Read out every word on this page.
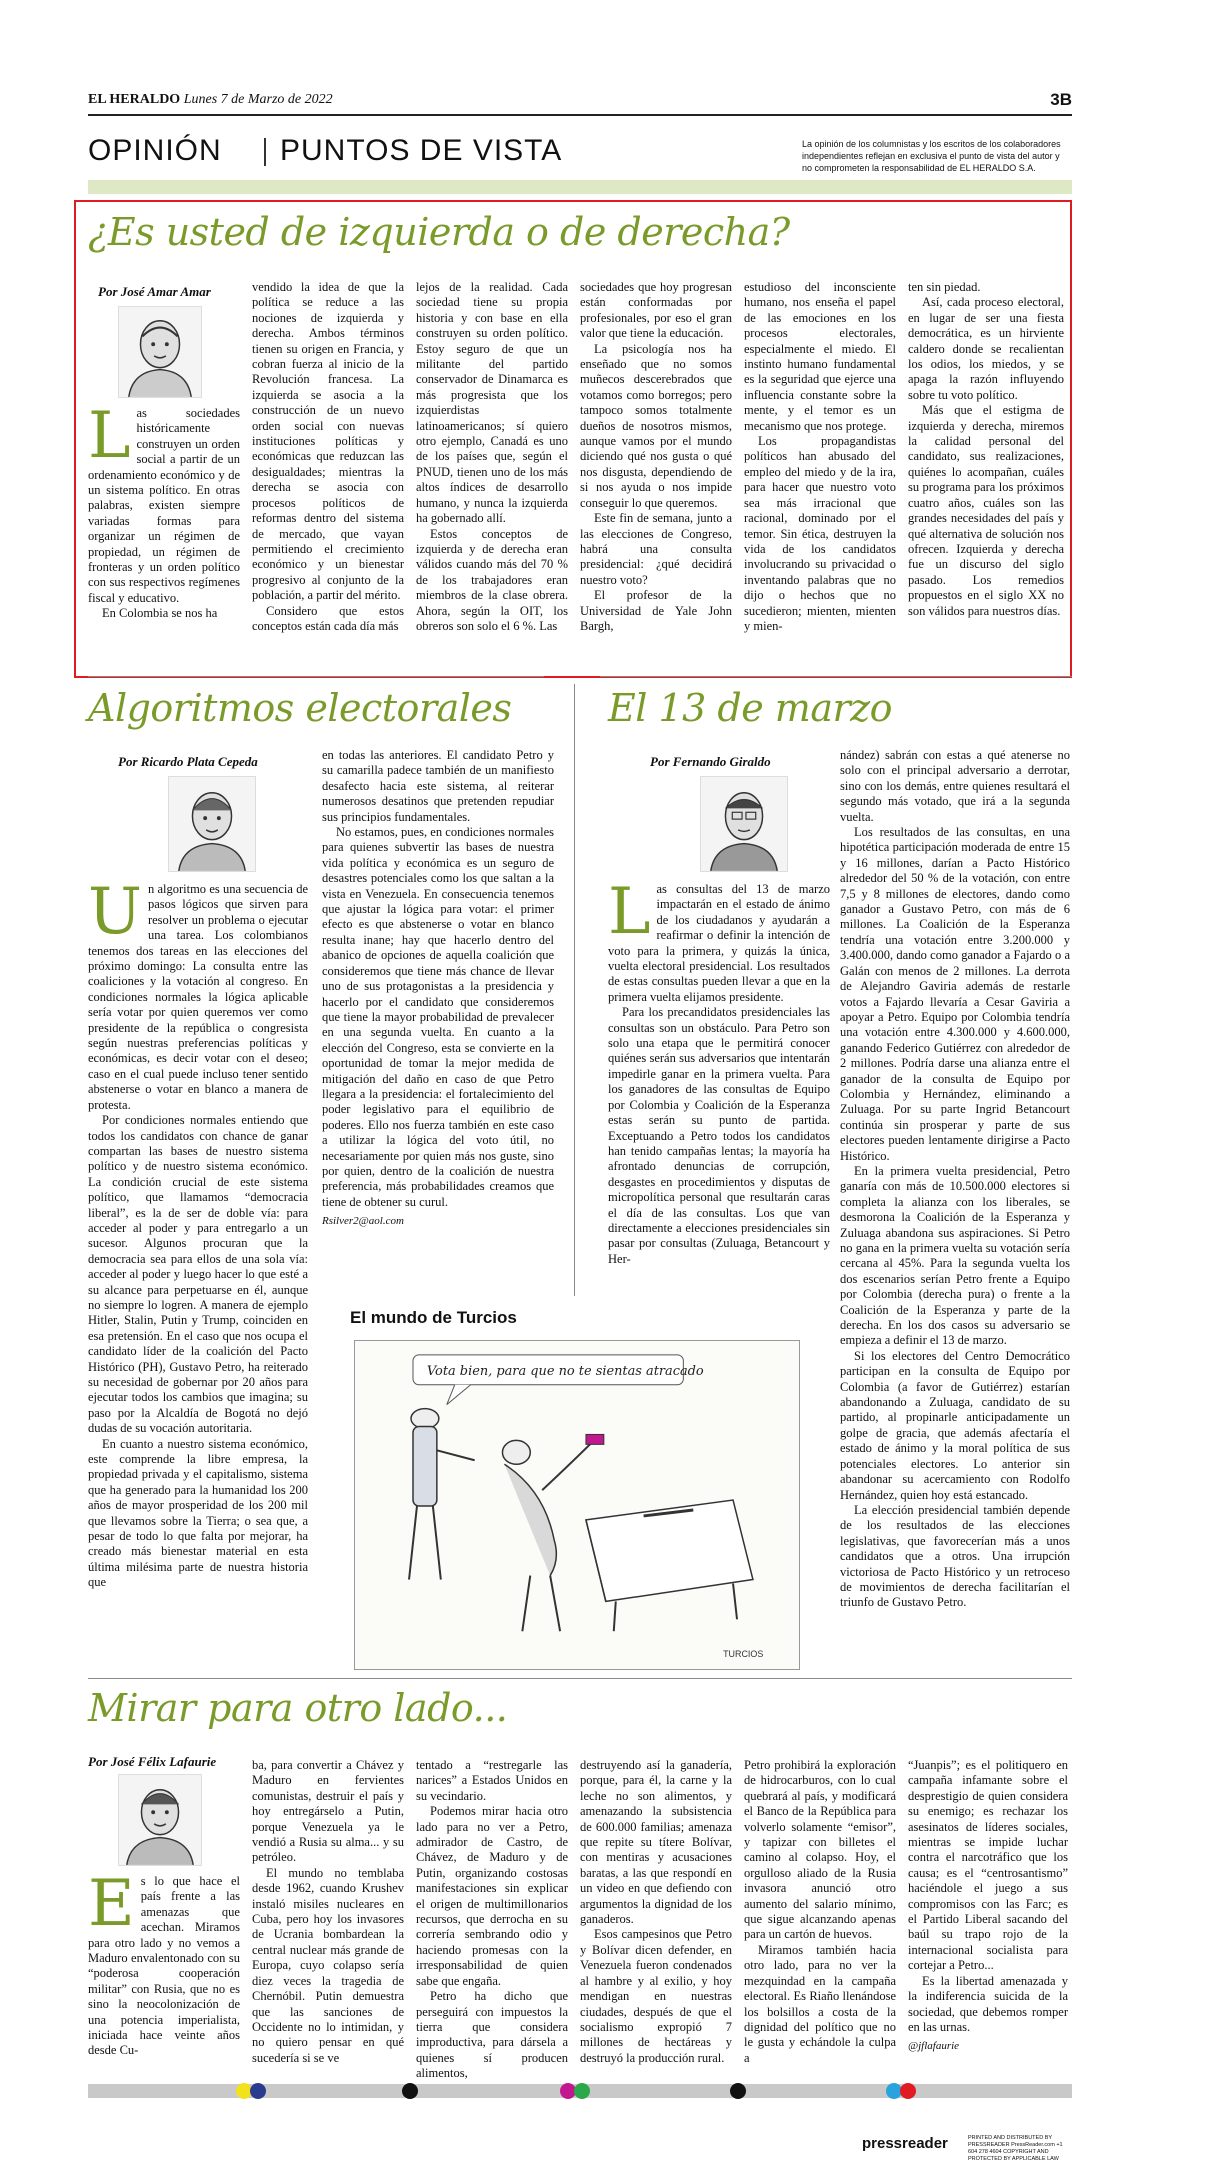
EL HERALDO Lunes 7 de Marzo de 2022	3B
OPINIÓN PUNTOS DE VISTA	La opinión de los columnistas y los escritos de los colaboradores independientes reflejan en exclusiva el punto de vista del autor y no comprometen la responsabilidad de EL HERALDO S.A.
¿Es usted de izquierda o de derecha?
Por José Amar Amar
L as sociedades históricamente construyen un orden social a partir de un ordenamiento económico y de un sistema político. En otras palabras, existen siempre variadas formas para organizar un régimen de propiedad, un régimen de fronteras y un orden político con sus respectivos regímenes fiscal y educativo.

En Colombia se nos ha

vendido la idea de que la política se reduce a las nociones de izquierda y derecha. Ambos términos tienen su origen en Francia, y cobran fuerza al inicio de la Revolución francesa. La izquierda se asocia a la construcción de un nuevo orden social con nuevas instituciones políticas y económicas que reduzcan las desigualdades; mientras la derecha se asocia con procesos políticos de reformas dentro del sistema de mercado, que vayan permitiendo el crecimiento económico y un bienestar progresivo al conjunto de la población, a partir del mérito.

Considero que estos conceptos están cada día más

lejos de la realidad. Cada sociedad tiene su propia historia y con base en ella construyen su orden político. Estoy seguro de que un militante del partido conservador de Dinamarca es más progresista que los izquierdistas latinoamericanos; sí quiero otro ejemplo, Canadá es uno de los países que, según el PNUD, tienen uno de los más altos índices de desarrollo humano, y nunca la izquierda ha gobernado allí.

Estos conceptos de izquierda y de derecha eran válidos cuando más del 70 % de los trabajadores eran miembros de la clase obrera. Ahora, según la OIT, los obreros son solo el 6 %. Las

sociedades que hoy progresan están conformadas por profesionales, por eso el gran valor que tiene la educación.

La psicología nos ha enseñado que no somos muñecos descerebrados que votamos como borregos; pero tampoco somos totalmente dueños de nosotros mismos, aunque vamos por el mundo diciendo qué nos gusta o qué nos disgusta, dependiendo de si nos ayuda o nos impide conseguir lo que queremos.

Este fin de semana, junto a las elecciones de Congreso, habrá una consulta presidencial: ¿qué decidirá nuestro voto?

El profesor de la Universidad de Yale John Bargh,

estudioso del inconsciente humano, nos enseña el papel de las emociones en los procesos electorales, especialmente el miedo. El instinto humano fundamental es la seguridad que ejerce una influencia constante sobre la mente, y el temor es un mecanismo que nos protege.

Los propagandistas políticos han abusado del empleo del miedo y de la ira, para hacer que nuestro voto sea más irracional que racional, dominado por el temor. Sin ética, destruyen la vida de los candidatos involucrando su privacidad o inventando palabras que no dijo o hechos que no sucedieron; mienten, mienten y mien-

ten sin piedad.

Así, cada proceso electoral, en lugar de ser una fiesta democrática, es un hirviente caldero donde se recalientan los odios, los miedos, y se apaga la razón influyendo sobre tu voto político.

Más que el estigma de izquierda y derecha, miremos la calidad personal del candidato, sus realizaciones, quiénes lo acompañan, cuáles su programa para los próximos cuatro años, cuáles son las grandes necesidades del país y qué alternativa de solución nos ofrecen. Izquierda y derecha fue un discurso del siglo pasado. Los remedios propuestos en el siglo XX no son válidos para nuestros días.

Algoritmos electorales
Por Ricardo Plata Cepeda
U n algoritmo es una secuencia de pasos lógicos que sirven para resolver un problema o ejecutar una tarea. Los colombianos tenemos dos tareas en las elecciones del próximo domingo: La consulta entre las coaliciones y la votación al congreso. En condiciones normales la lógica aplicable sería votar por quien queremos ver como presidente de la república o congresista según nuestras preferencias políticas y económicas, es decir votar con el deseo; caso en el cual puede incluso tener sentido abstenerse o votar en blanco a manera de protesta.

Por condiciones normales entiendo que todos los candidatos con chance de ganar compartan las bases de nuestro sistema político y de nuestro sistema económico. La condición crucial de este sistema político, que llamamos “democracia liberal”, es la de ser de doble vía: para acceder al poder y para entregarlo a un sucesor. Algunos procuran que la democracia sea para ellos de una sola vía: acceder al poder y luego hacer lo que esté a su alcance para perpetuarse en él, aunque no siempre lo logren. A manera de ejemplo Hitler, Stalin, Putin y Trump, coinciden en esa pretensión. En el caso que nos ocupa el candidato líder de la coalición del Pacto Histórico (PH), Gustavo Petro, ha reiterado su necesidad de gobernar por 20 años para ejecutar todos los cambios que imagina; su paso por la Alcaldía de Bogotá no dejó dudas de su vocación autoritaria.

En cuanto a nuestro sistema económico, este comprende la libre empresa, la propiedad privada y el capitalismo, sistema que ha generado para la humanidad los 200 años de mayor prosperidad de los 200 mil que llevamos sobre la Tierra; o sea que, a pesar de todo lo que falta por mejorar, ha creado más bienestar material en esta última milésima parte de nuestra historia que

en todas las anteriores. El candidato Petro y su camarilla padece también de un manifiesto desafecto hacia este sistema, al reiterar numerosos desatinos que pretenden repudiar sus principios fundamentales.

No estamos, pues, en condiciones normales para quienes subvertir las bases de nuestra vida política y económica es un seguro de desastres potenciales como los que saltan a la vista en Venezuela. En consecuencia tenemos que ajustar la lógica para votar: el primer efecto es que abstenerse o votar en blanco resulta inane; hay que hacerlo dentro del abanico de opciones de aquella coalición que consideremos que tiene más chance de llevar uno de sus protagonistas a la presidencia y hacerlo por el candidato que consideremos que tiene la mayor probabilidad de prevalecer en una segunda vuelta. En cuanto a la elección del Congreso, esta se convierte en la oportunidad de tomar la mejor medida de mitigación del daño en caso de que Petro llegara a la presidencia: el fortalecimiento del poder legislativo para el equilibrio de poderes. Ello nos fuerza también en este caso a utilizar la lógica del voto útil, no necesariamente por quien más nos guste, sino por quien, dentro de la coalición de nuestra preferencia, más probabilidades creamos que tiene de obtener su curul.

Rsilver2@aol.com
El 13 de marzo
Por Fernando Giraldo
L as consultas del 13 de marzo impactarán en el estado de ánimo de los ciudadanos y ayudarán a reafirmar o definir la intención de voto para la primera, y quizás la única, vuelta electoral presidencial. Los resultados de estas consultas pueden llevar a que en la primera vuelta elijamos presidente.

Para los precandidatos presidenciales las consultas son un obstáculo. Para Petro son solo una etapa que le permitirá conocer quiénes serán sus adversarios que intentarán impedirle ganar en la primera vuelta. Para los ganadores de las consultas de Equipo por Colombia y Coalición de la Esperanza estas serán su punto de partida. Exceptuando a Petro todos los candidatos han tenido campañas lentas; la mayoría ha afrontado denuncias de corrupción, desgastes en procedimientos y disputas de micropolítica personal que resultarán caras el día de las consultas. Los que van directamente a elecciones presidenciales sin pasar por consultas (Zuluaga, Betancourt y Her-

nández) sabrán con estas a qué atenerse no solo con el principal adversario a derrotar, sino con los demás, entre quienes resultará el segundo más votado, que irá a la segunda vuelta.

Los resultados de las consultas, en una hipotética participación moderada de entre 15 y 16 millones, darían a Pacto Histórico alrededor del 50 % de la votación, con entre 7,5 y 8 millones de electores, dando como ganador a Gustavo Petro, con más de 6 millones. La Coalición de la Esperanza tendría una votación entre 3.200.000 y 3.400.000, dando como ganador a Fajardo o a Galán con menos de 2 millones. La derrota de Alejandro Gaviria además de restarle votos a Fajardo llevaría a Cesar Gaviria a apoyar a Petro. Equipo por Colombia tendría una votación entre 4.300.000 y 4.600.000, ganando Federico Gutiérrez con alrededor de 2 millones. Podría darse una alianza entre el ganador de la consulta de Equipo por Colombia y Hernández, eliminando a Zuluaga. Por su parte Ingrid Betancourt continúa sin prosperar y parte de sus electores pueden lentamente dirigirse a Pacto Histórico.

En la primera vuelta presidencial, Petro ganaría con más de 10.500.000 electores si completa la alianza con los liberales, se desmorona la Coalición de la Esperanza y Zuluaga abandona sus aspiraciones. Si Petro no gana en la primera vuelta su votación sería cercana al 45%. Para la segunda vuelta los dos escenarios serían Petro frente a Equipo por Colombia (derecha pura) o frente a la Coalición de la Esperanza y parte de la derecha. En los dos casos su adversario se empieza a definir el 13 de marzo.

Si los electores del Centro Democrático participan en la consulta de Equipo por Colombia (a favor de Gutiérrez) estarían abandonando a Zuluaga, candidato de su partido, al propinarle anticipadamente un golpe de gracia, que además afectaría el estado de ánimo y la moral política de sus potenciales electores. Lo anterior sin abandonar su acercamiento con Rodolfo Hernández, quien hoy está estancado.

La elección presidencial también depende de los resultados de las elecciones legislativas, que favorecerían más a unos candidatos que a otros. Una irrupción victoriosa de Pacto Histórico y un retroceso de movimientos de derecha facilitarían el triunfo de Gustavo Petro.

El mundo de Turcios
Vota bien, para que no te sientas atracado
TURCIOS
Mirar para otro lado...
Por José Félix Lafaurie
E s lo que hace el país frente a las amenazas que acechan. Miramos para otro lado y no vemos a Maduro envalentonado con su “poderosa cooperación militar” con Rusia, que no es sino la neocolonización de una potencia imperialista, iniciada hace veinte años desde Cu-

ba, para convertir a Chávez y Maduro en fervientes comunistas, destruir el país y hoy entregárselo a Putin, porque Venezuela ya le vendió a Rusia su alma... y su petróleo.

El mundo no temblaba desde 1962, cuando Krushev instaló misiles nucleares en Cuba, pero hoy los invasores de Ucrania bombardean la central nuclear más grande de Europa, cuyo colapso sería diez veces la tragedia de Chernóbil. Putin demuestra que las sanciones de Occidente no lo intimidan, y no quiero pensar en qué sucedería si se ve

tentado a “restregarle las narices” a Estados Unidos en su vecindario.

Podemos mirar hacia otro lado para no ver a Petro, admirador de Castro, de Chávez, de Maduro y de Putin, organizando costosas manifestaciones sin explicar el origen de multimillonarios recursos, que derrocha en su correría sembrando odio y haciendo promesas con la irresponsabilidad de quien sabe que engaña.

Petro ha dicho que perseguirá con impuestos la tierra que considera improductiva, para dársela a quienes sí producen alimentos,

destruyendo así la ganadería, porque, para él, la carne y la leche no son alimentos, y amenazando la subsistencia de 600.000 familias; amenaza que repite su títere Bolívar, con mentiras y acusaciones baratas, a las que respondí en un video en que defiendo con argumentos la dignidad de los ganaderos.

Esos campesinos que Petro y Bolívar dicen defender, en Venezuela fueron condenados al hambre y al exilio, y hoy mendigan en nuestras ciudades, después de que el socialismo expropió 7 millones de hectáreas y destruyó la producción rural.

Petro prohibirá la exploración de hidrocarburos, con lo cual quebrará al país, y modificará el Banco de la República para volverlo solamente “emisor”, y tapizar con billetes el camino al colapso. Hoy, el orgulloso aliado de la Rusia invasora anunció otro aumento del salario mínimo, que sigue alcanzando apenas para un cartón de huevos.

Miramos también hacia otro lado, para no ver la mezquindad en la campaña electoral. Es Riaño llenándose los bolsillos a costa de la dignidad del político que no le gusta y echándole la culpa a

“Juanpis”; es el politiquero en campaña infamante sobre el desprestigio de quien considera su enemigo; es rechazar los asesinatos de líderes sociales, mientras se impide luchar contra el narcotráfico que los causa; es el “centrosantismo” haciéndole el juego a sus compromisos con las Farc; es el Partido Liberal sacando del baúl su trapo rojo de la internacional socialista para cortejar a Petro...

Es la libertad amenazada y la indiferencia suicida de la sociedad, que debemos romper en las urnas.

@jflafaurie
pressreader	PRINTED AND DISTRIBUTED BY PRESSREADER PressReader.com +1 604 278 4604 COPYRIGHT AND PROTECTED BY APPLICABLE LAW
